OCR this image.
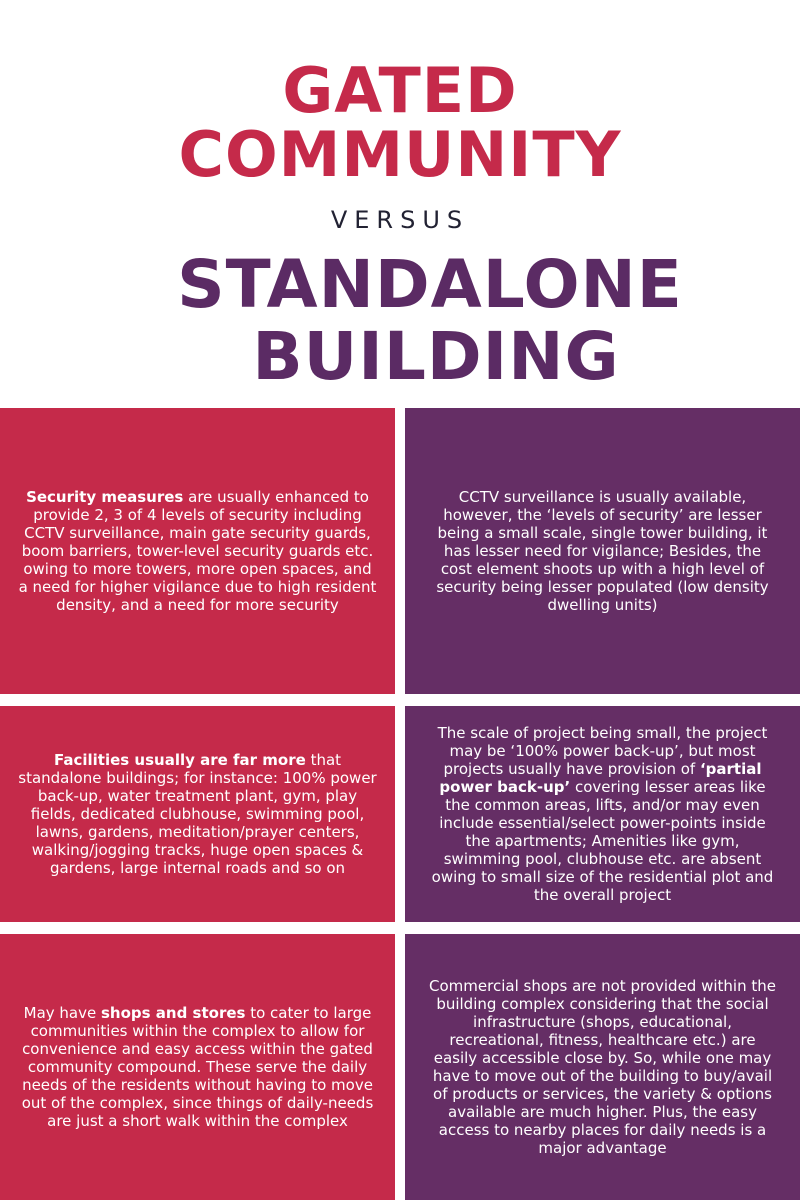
GATED
COMMUNITY
VERSUS
STANDALONE
BUILDING

Security measures are usually enhanced to provide 2, 3 of 4 levels of security including CCTV surveillance, main gate security guards, boom barriers, tower-level security guards etc. owing to more towers, more open spaces, and a need for higher vigilance due to high resident density, and a need for more security

CCTV surveillance is usually available, however, the ‘levels of security’ are lesser being a small scale, single tower building, it has lesser need for vigilance; Besides, the cost element shoots up with a high level of security being lesser populated (low density dwelling units)

Facilities usually are far more that standalone buildings; for instance: 100% power back-up, water treatment plant, gym, play fields, dedicated clubhouse, swimming pool, lawns, gardens, meditation/prayer centers, walking/jogging tracks, huge open spaces & gardens, large internal roads and so on

The scale of project being small, the project may be ‘100% power back-up’, but most projects usually have provision of ‘partial power back-up’ covering lesser areas like the common areas, lifts, and/or may even include essential/select power-points inside the apartments; Amenities like gym, swimming pool, clubhouse etc. are absent owing to small size of the residential plot and the overall project

May have shops and stores to cater to large communities within the complex to allow for convenience and easy access within the gated community compound. These serve the daily needs of the residents without having to move out of the complex, since things of daily-needs are just a short walk within the complex

Commercial shops are not provided within the building complex considering that the social infrastructure (shops, educational, recreational, fitness, healthcare etc.) are easily accessible close by. So, while one may have to move out of the building to buy/avail of products or services, the variety & options available are much higher. Plus, the easy access to nearby places for daily needs is a major advantage
